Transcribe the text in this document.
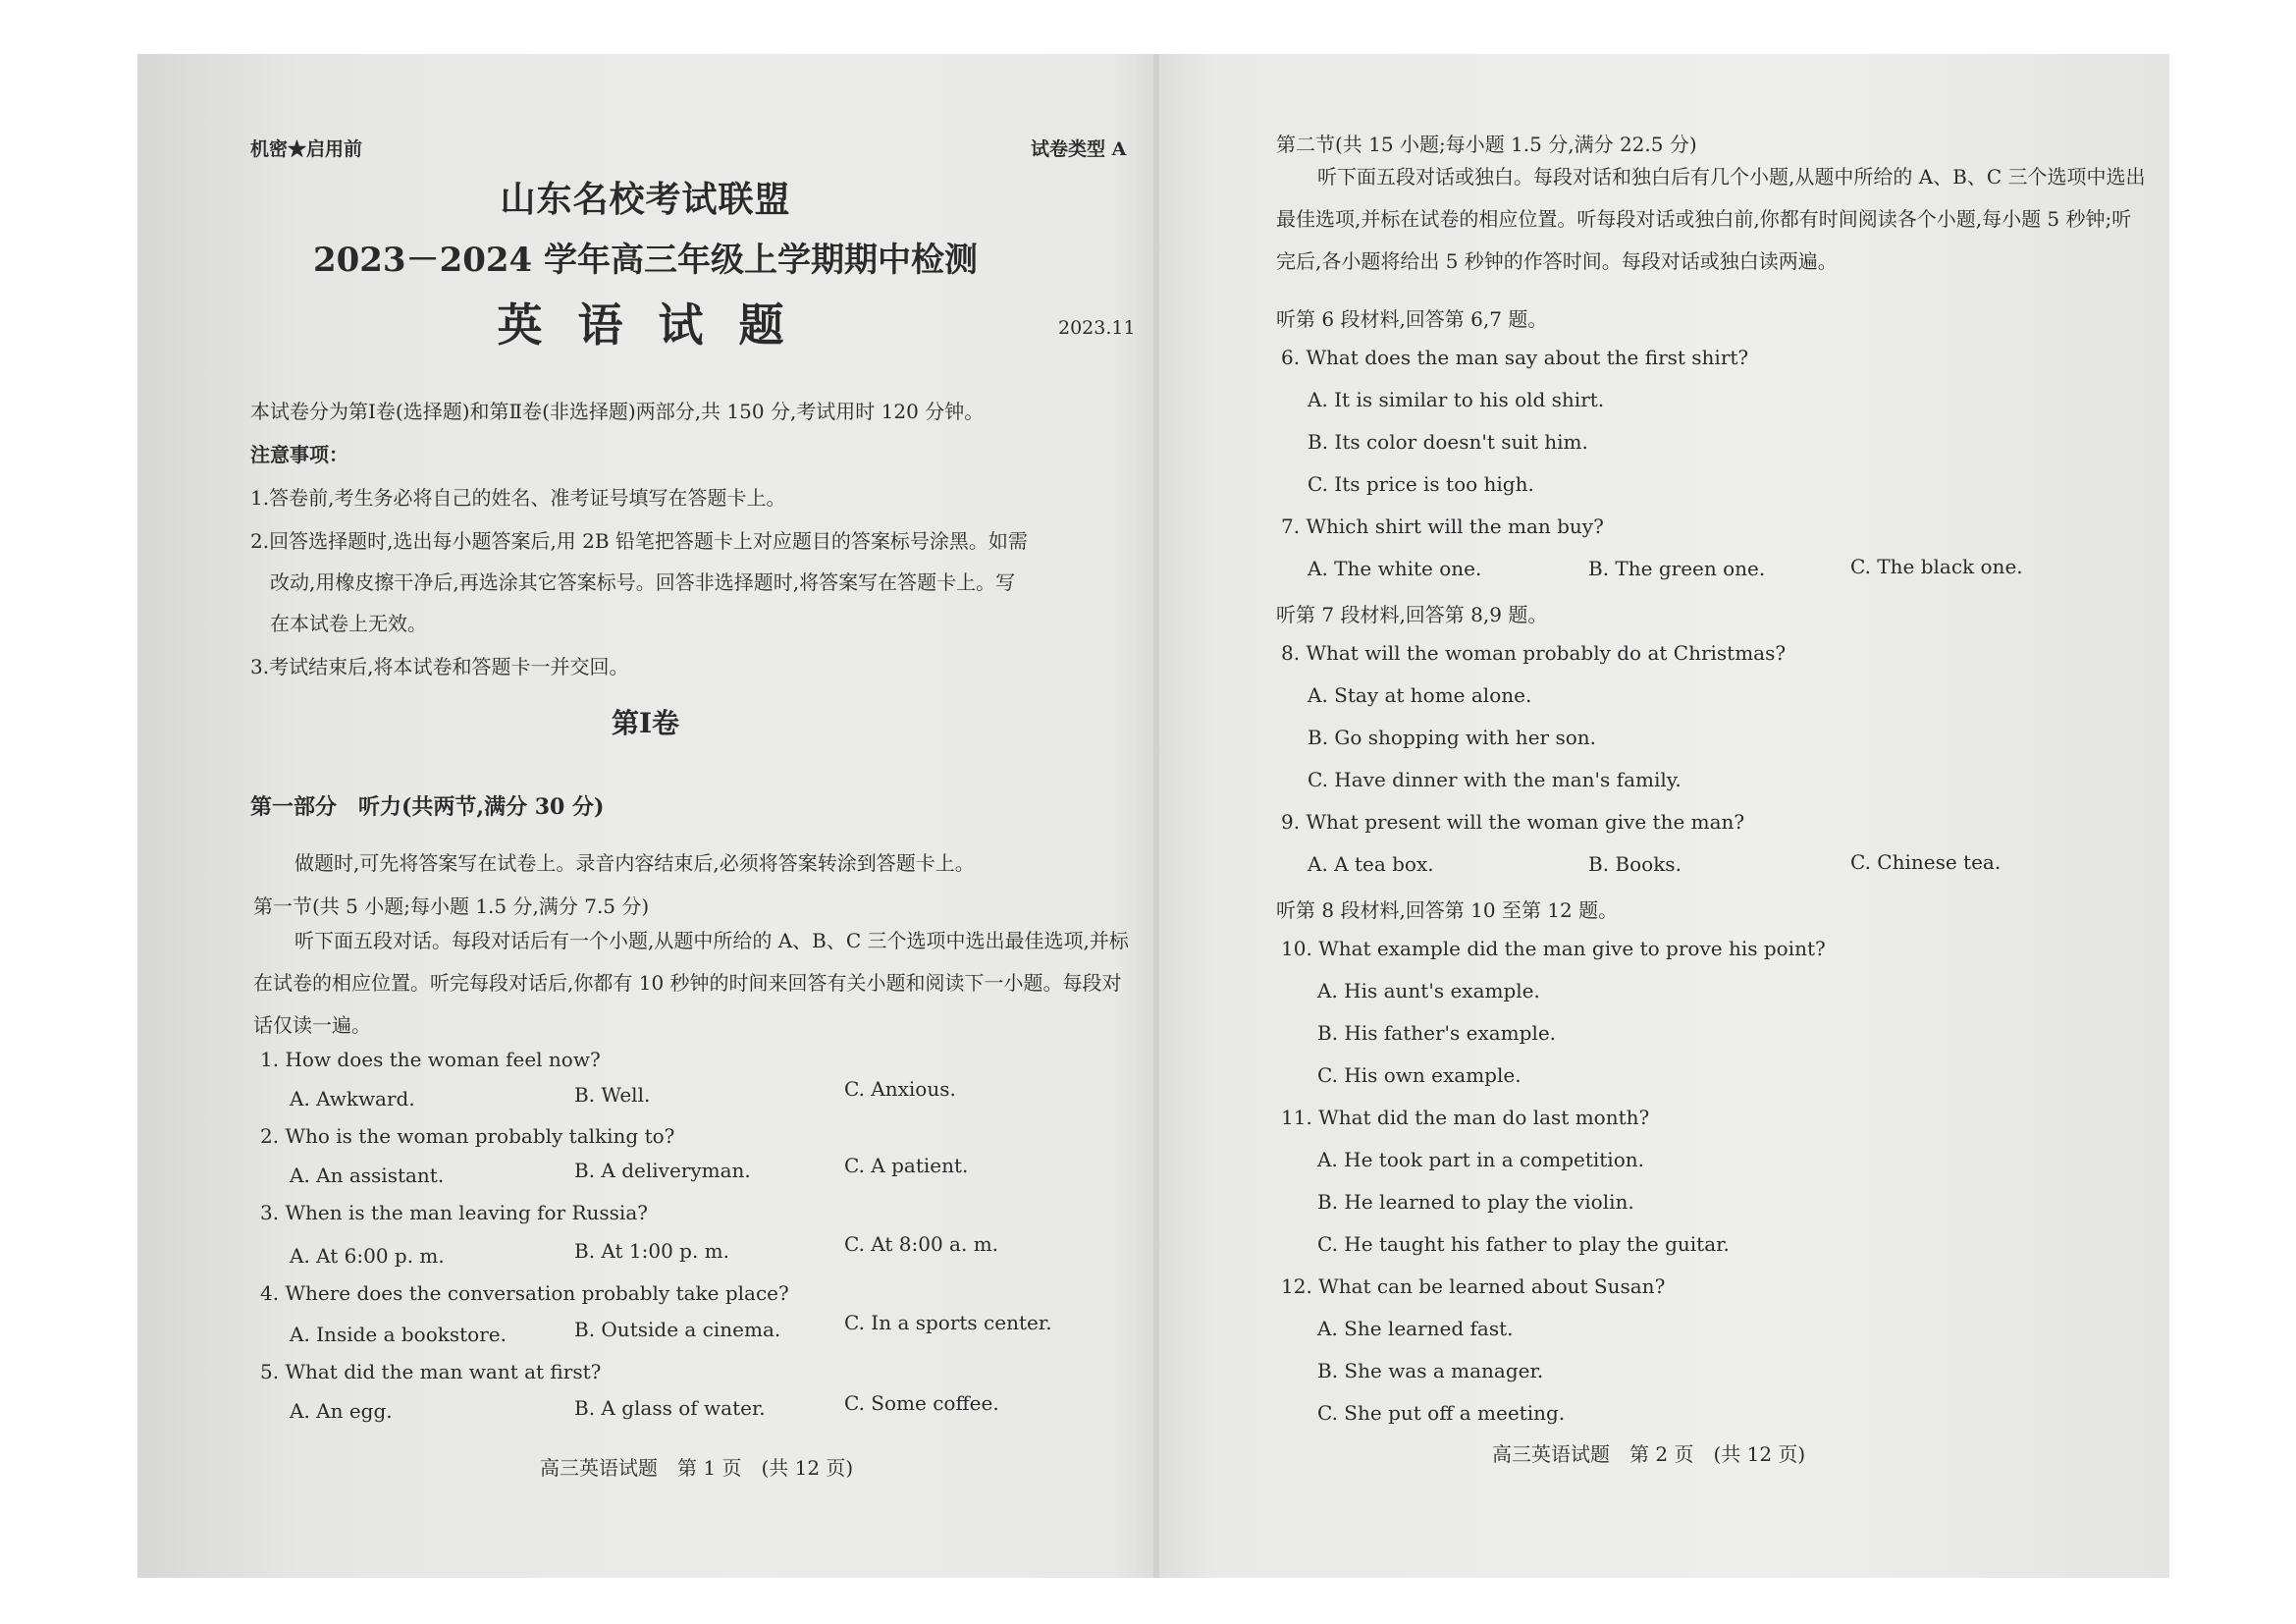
机密★启用前	试卷类型 A
山东名校考试联盟
2023－2024 学年高三年级上学期期中检测
英 语 试 题	2023.11
本试卷分为第Ⅰ卷(选择题)和第Ⅱ卷(非选择题)两部分,共 150 分,考试用时 120 分钟。
注意事项：
1.答卷前,考生务必将自己的姓名、准考证号填写在答题卡上。
2.回答选择题时,选出每小题答案后,用 2B 铅笔把答题卡上对应题目的答案标号涂黑。如需
改动,用橡皮擦干净后,再选涂其它答案标号。回答非选择题时,将答案写在答题卡上。写
在本试卷上无效。
3.考试结束后,将本试卷和答题卡一并交回。
第Ⅰ卷
第一部分　听力(共两节,满分 30 分)
做题时,可先将答案写在试卷上。录音内容结束后,必须将答案转涂到答题卡上。
第一节(共 5 小题;每小题 1.5 分,满分 7.5 分)
听下面五段对话。每段对话后有一个小题,从题中所给的 A、B、C 三个选项中选出最佳选项,并标在试卷的相应位置。听完每段对话后,你都有 10 秒钟的时间来回答有关小题和阅读下一小题。每段对话仅读一遍。
1. How does the woman feel now?
A. Awkward.	B. Well.	C. Anxious.
2. Who is the woman probably talking to?
A. An assistant.	B. A deliveryman.	C. A patient.
3. When is the man leaving for Russia?
A. At 6:00 p. m.	B. At 1:00 p. m.	C. At 8:00 a. m.
4. Where does the conversation probably take place?
A. Inside a bookstore.	B. Outside a cinema.	C. In a sports center.
5. What did the man want at first?
A. An egg.	B. A glass of water.	C. Some coffee.
高三英语试题　第 1 页　(共 12 页)
第二节(共 15 小题;每小题 1.5 分,满分 22.5 分)
听下面五段对话或独白。每段对话和独白后有几个小题,从题中所给的 A、B、C 三个选项中选出最佳选项,并标在试卷的相应位置。听每段对话或独白前,你都有时间阅读各个小题,每小题 5 秒钟;听完后,各小题将给出 5 秒钟的作答时间。每段对话或独白读两遍。
听第 6 段材料,回答第 6,7 题。
6. What does the man say about the first shirt?
A. It is similar to his old shirt.
B. Its color doesn't suit him.
C. Its price is too high.
7. Which shirt will the man buy?
A. The white one.	B. The green one.	C. The black one.
听第 7 段材料,回答第 8,9 题。
8. What will the woman probably do at Christmas?
A. Stay at home alone.
B. Go shopping with her son.
C. Have dinner with the man's family.
9. What present will the woman give the man?
A. A tea box.	B. Books.	C. Chinese tea.
听第 8 段材料,回答第 10 至第 12 题。
10. What example did the man give to prove his point?
A. His aunt's example.
B. His father's example.
C. His own example.
11. What did the man do last month?
A. He took part in a competition.
B. He learned to play the violin.
C. He taught his father to play the guitar.
12. What can be learned about Susan?
A. She learned fast.
B. She was a manager.
C. She put off a meeting.
高三英语试题　第 2 页　(共 12 页)
